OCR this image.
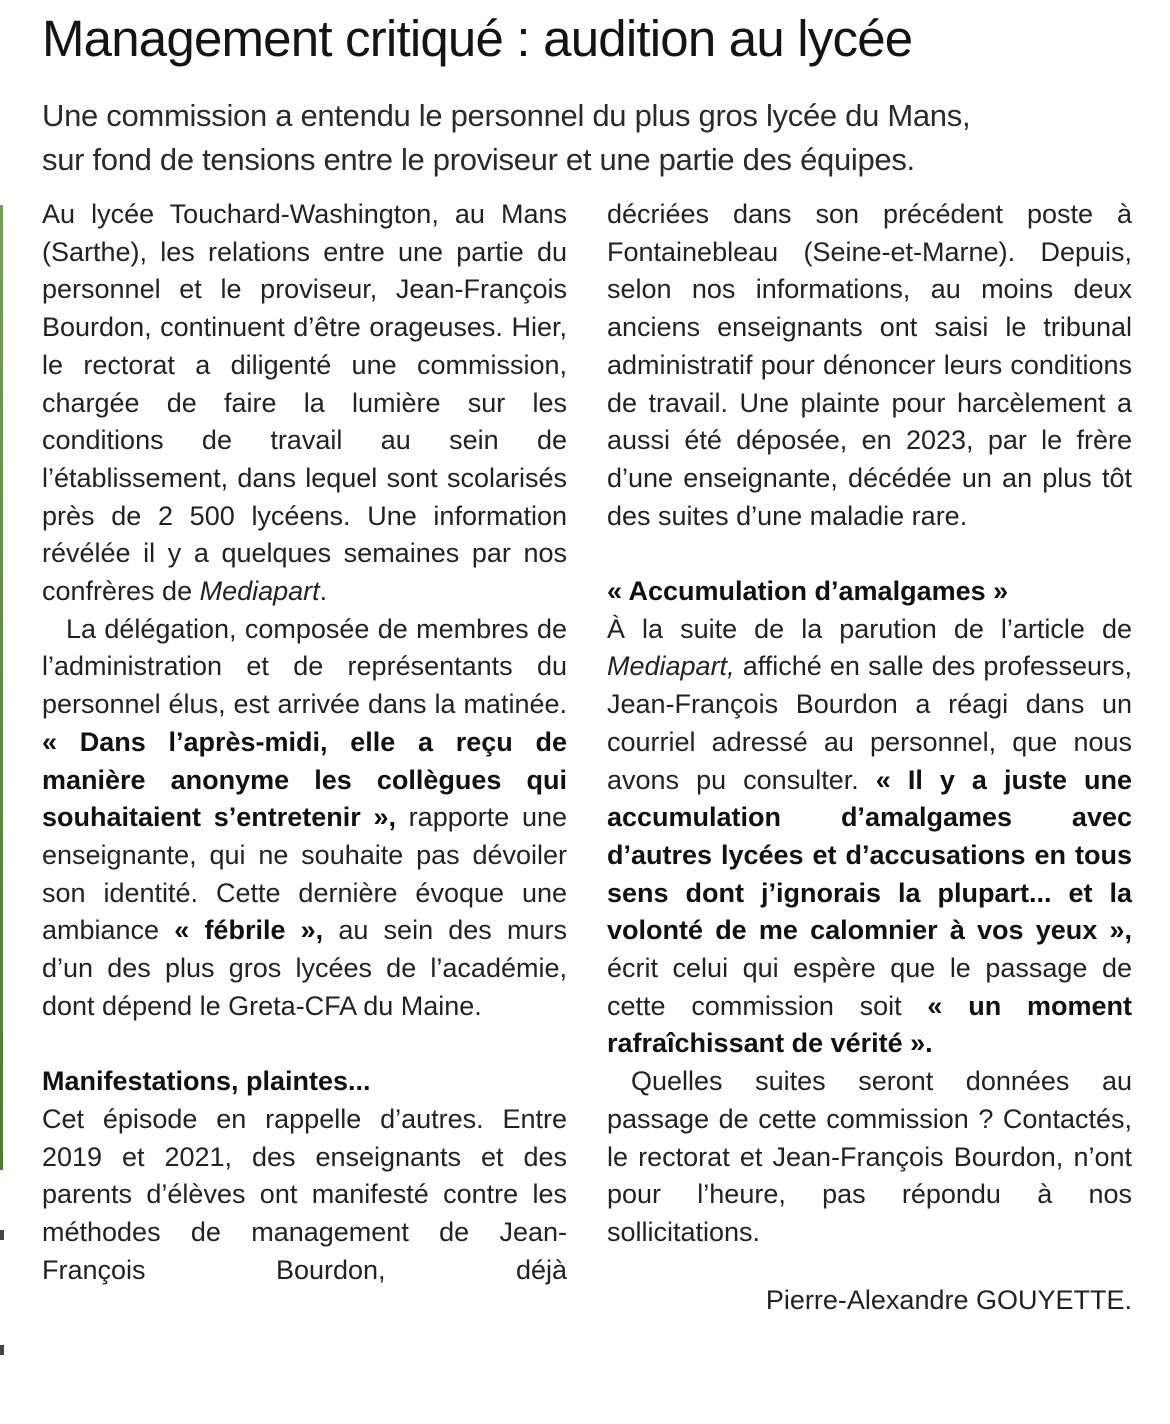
Management critiqué : audition au lycée
Une commission a entendu le personnel du plus gros lycée du Mans,
sur fond de tensions entre le proviseur et une partie des équipes.

Au lycée Touchard-Washington, au Mans (Sarthe), les relations entre une partie du personnel et le proviseur, Jean-François Bourdon, continuent d’être orageuses. Hier, le rectorat a diligenté une commission, chargée de faire la lumière sur les conditions de travail au sein de l’établissement, dans lequel sont scolarisés près de 2 500 lycéens. Une information révélée il y a quelques semaines par nos confrères de Mediapart.

La délégation, composée de membres de l’administration et de représentants du personnel élus, est arrivée dans la matinée. « Dans l’après-midi, elle a reçu de manière anonyme les collègues qui souhaitaient s’entretenir », rapporte une enseignante, qui ne souhaite pas dévoiler son identité. Cette dernière évoque une ambiance « fébrile », au sein des murs d’un des plus gros lycées de l’académie, dont dépend le Greta-CFA du Maine.

Manifestations, plaintes...

Cet épisode en rappelle d’autres. Entre 2019 et 2021, des enseignants et des parents d’élèves ont manifesté contre les méthodes de management de Jean-François Bourdon, déjà

décriées dans son précédent poste à Fontainebleau (Seine-et-Marne). Depuis, selon nos informations, au moins deux anciens enseignants ont saisi le tribunal administratif pour dénoncer leurs conditions de travail. Une plainte pour harcèlement a aussi été déposée, en 2023, par le frère d’une enseignante, décédée un an plus tôt des suites d’une maladie rare.

« Accumulation d’amalgames »

À la suite de la parution de l’article de Mediapart, affiché en salle des professeurs, Jean-François Bourdon a réagi dans un courriel adressé au personnel, que nous avons pu consulter. « Il y a juste une accumulation d’amalgames avec d’autres lycées et d’accusations en tous sens dont j’ignorais la plupart... et la volonté de me calomnier à vos yeux », écrit celui qui espère que le passage de cette commission soit « un moment rafraîchissant de vérité ».

Quelles suites seront données au passage de cette commission ? Contactés, le rectorat et Jean-François Bourdon, n’ont pour l’heure, pas répondu à nos sollicitations.

Pierre-Alexandre GOUYETTE.
